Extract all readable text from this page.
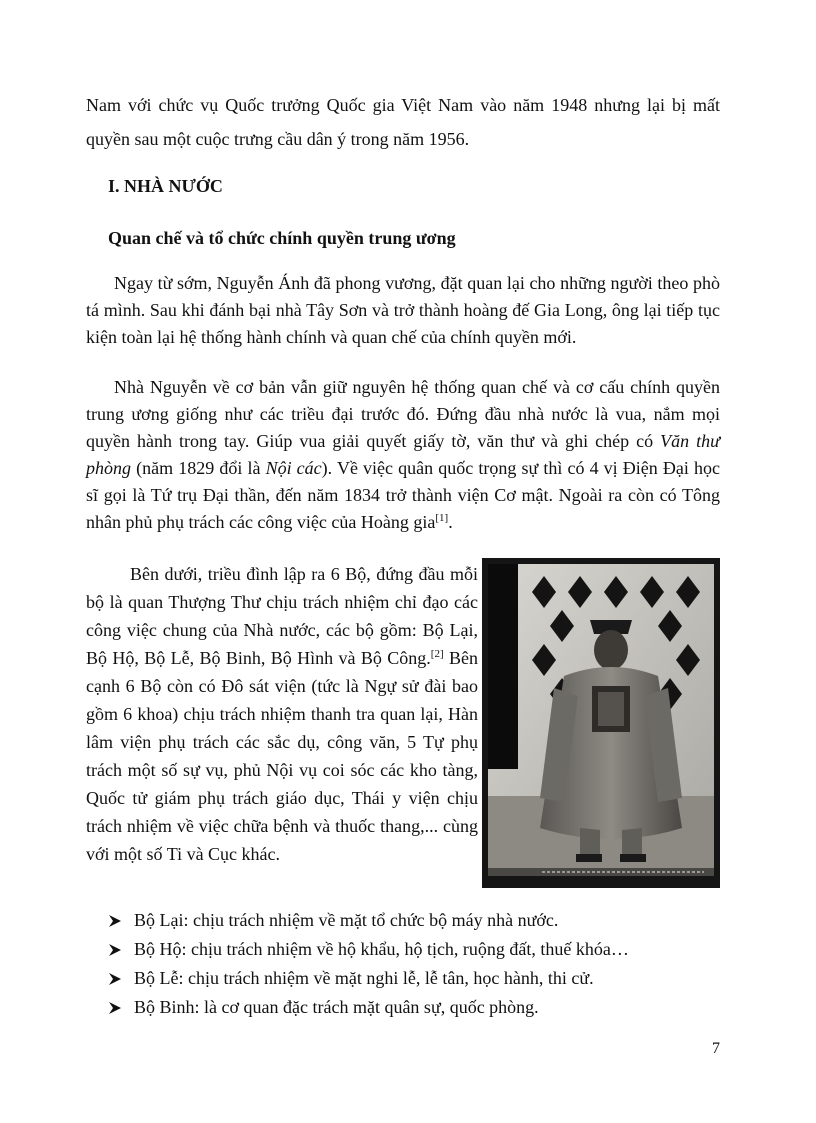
Nam với chức vụ Quốc trưởng Quốc gia Việt Nam vào năm 1948 nhưng lại bị mất quyền sau một cuộc trưng cầu dân ý trong năm 1956.

I. NHÀ NƯỚC
Quan chế và tổ chức chính quyền trung ương

Ngay từ sớm, Nguyễn Ánh đã phong vương, đặt quan lại cho những người theo phò tá mình. Sau khi đánh bại nhà Tây Sơn và trở thành hoàng đế Gia Long, ông lại tiếp tục kiện toàn lại hệ thống hành chính và quan chế của chính quyền mới.

Nhà Nguyễn về cơ bản vẫn giữ nguyên hệ thống quan chế và cơ cấu chính quyền trung ương giống như các triều đại trước đó. Đứng đầu nhà nước là vua, nắm mọi quyền hành trong tay. Giúp vua giải quyết giấy tờ, văn thư và ghi chép có Văn thư phòng (năm 1829 đổi là Nội các). Về việc quân quốc trọng sự thì có 4 vị Điện Đại học sĩ gọi là Tứ trụ Đại thần, đến năm 1834 trở thành viện Cơ mật. Ngoài ra còn có Tông nhân phủ phụ trách các công việc của Hoàng gia[1].

Bên dưới, triều đình lập ra 6 Bộ, đứng đầu mỗi bộ là quan Thượng Thư chịu trách nhiệm chỉ đạo các công việc chung của Nhà nước, các bộ gồm: Bộ Lại, Bộ Hộ, Bộ Lễ, Bộ Binh, Bộ Hình và Bộ Công.[2] Bên cạnh 6 Bộ còn có Đô sát viện (tức là Ngự sử đài bao gồm 6 khoa) chịu trách nhiệm thanh tra quan lại, Hàn lâm viện phụ trách các sắc dụ, công văn, 5 Tự phụ trách một số sự vụ, phủ Nội vụ coi sóc các kho tàng, Quốc tử giám phụ trách giáo dục, Thái y viện chịu trách nhiệm về việc chữa bệnh và thuốc thang,... cùng với một số Ti và Cục khác.

Bộ Lại: chịu trách nhiệm về mặt tổ chức bộ máy nhà nước.
Bộ Hộ: chịu trách nhiệm về hộ khẩu, hộ tịch, ruộng đất, thuế khóa…
Bộ Lễ: chịu trách nhiệm về mặt nghi lễ, lễ tân, học hành, thi cử.
Bộ Binh: là cơ quan đặc trách mặt quân sự, quốc phòng.
7
